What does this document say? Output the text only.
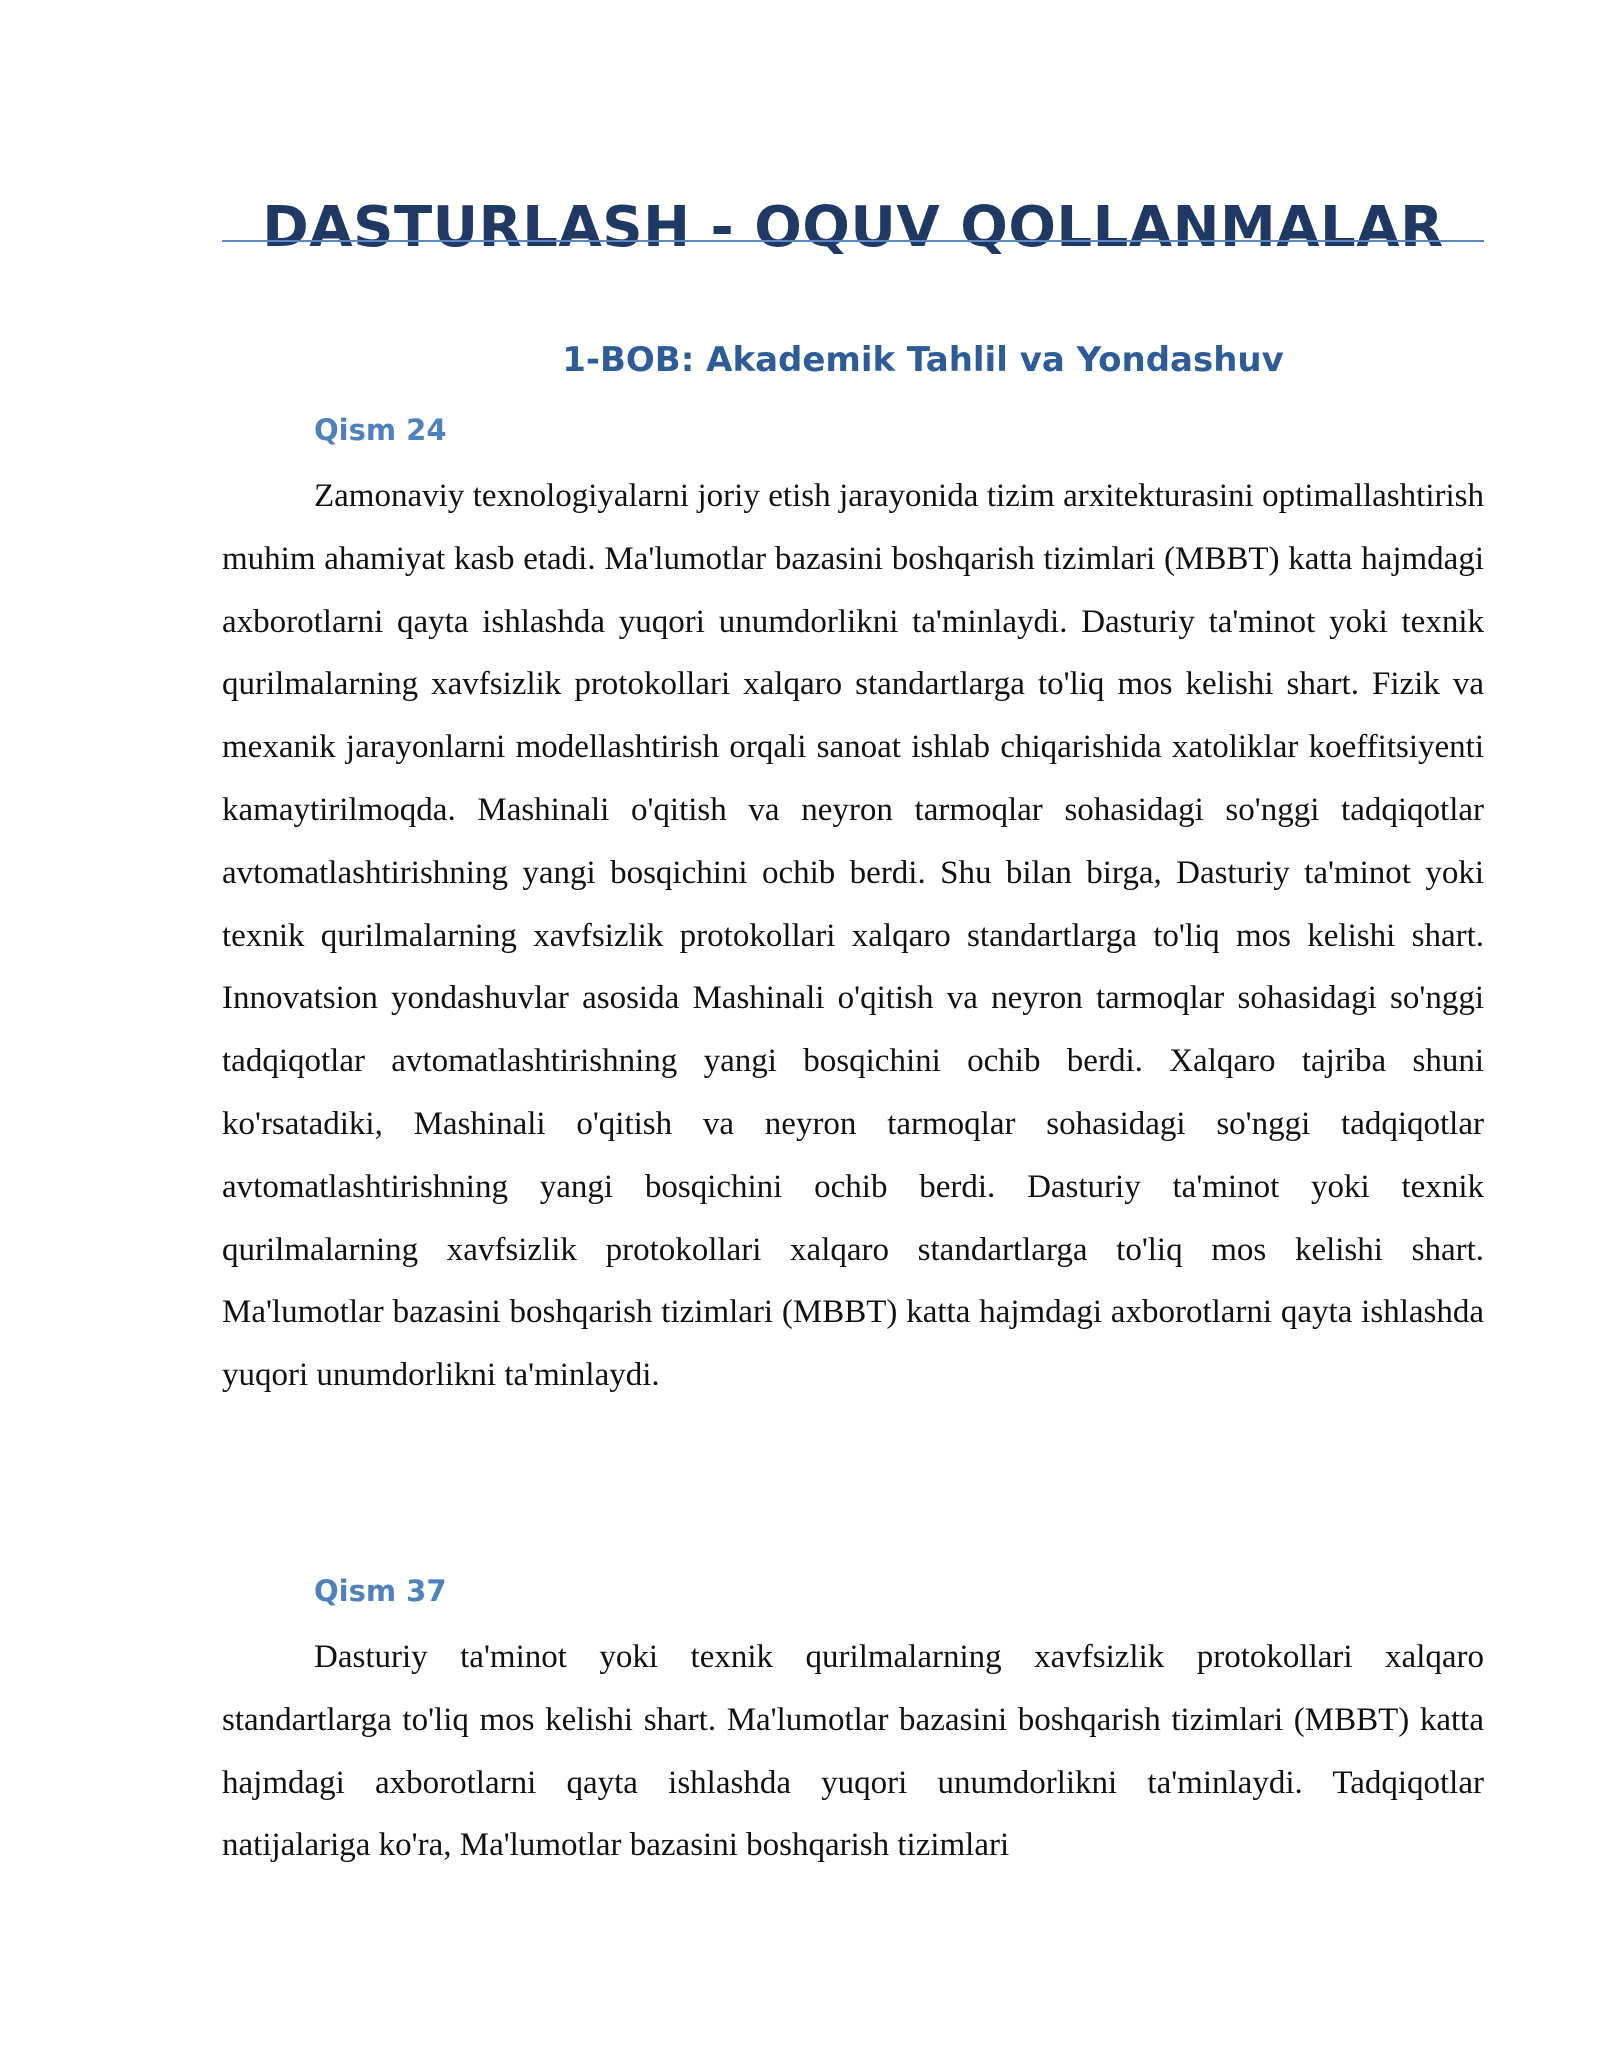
DASTURLASH - OQUV QOLLANMALAR
1-BOB: Akademik Tahlil va Yondashuv
Qism 24

Zamonaviy texnologiyalarni joriy etish jarayonida tizim arxitekturasini optimallashtirish muhim ahamiyat kasb etadi. Ma'lumotlar bazasini boshqarish tizimlari (MBBT) katta hajmdagi axborotlarni qayta ishlashda yuqori unumdorlikni ta'minlaydi. Dasturiy ta'minot yoki texnik qurilmalarning xavfsizlik protokollari xalqaro standartlarga to'liq mos kelishi shart. Fizik va mexanik jarayonlarni modellashtirish orqali sanoat ishlab chiqarishida xatoliklar koeffitsiyenti kamaytirilmoqda. Mashinali o'qitish va neyron tarmoqlar sohasidagi so'nggi tadqiqotlar avtomatlashtirishning yangi bosqichini ochib berdi. Shu bilan birga, Dasturiy ta'minot yoki texnik qurilmalarning xavfsizlik protokollari xalqaro standartlarga to'liq mos kelishi shart. Innovatsion yondashuvlar asosida Mashinali o'qitish va neyron tarmoqlar sohasidagi so'nggi tadqiqotlar avtomatlashtirishning yangi bosqichini ochib berdi. Xalqaro tajriba shuni ko'rsatadiki, Mashinali o'qitish va neyron tarmoqlar sohasidagi so'nggi tadqiqotlar avtomatlashtirishning yangi bosqichini ochib berdi. Dasturiy ta'minot yoki texnik qurilmalarning xavfsizlik protokollari xalqaro standartlarga to'liq mos kelishi shart. Ma'lumotlar bazasini boshqarish tizimlari (MBBT) katta hajmdagi axborotlarni qayta ishlashda yuqori unumdorlikni ta'minlaydi.

Qism 37

Dasturiy ta'minot yoki texnik qurilmalarning xavfsizlik protokollari xalqaro standartlarga to'liq mos kelishi shart. Ma'lumotlar bazasini boshqarish tizimlari (MBBT) katta hajmdagi axborotlarni qayta ishlashda yuqori unumdorlikni ta'minlaydi. Tadqiqotlar natijalariga ko'ra, Ma'lumotlar bazasini boshqarish tizimlari
